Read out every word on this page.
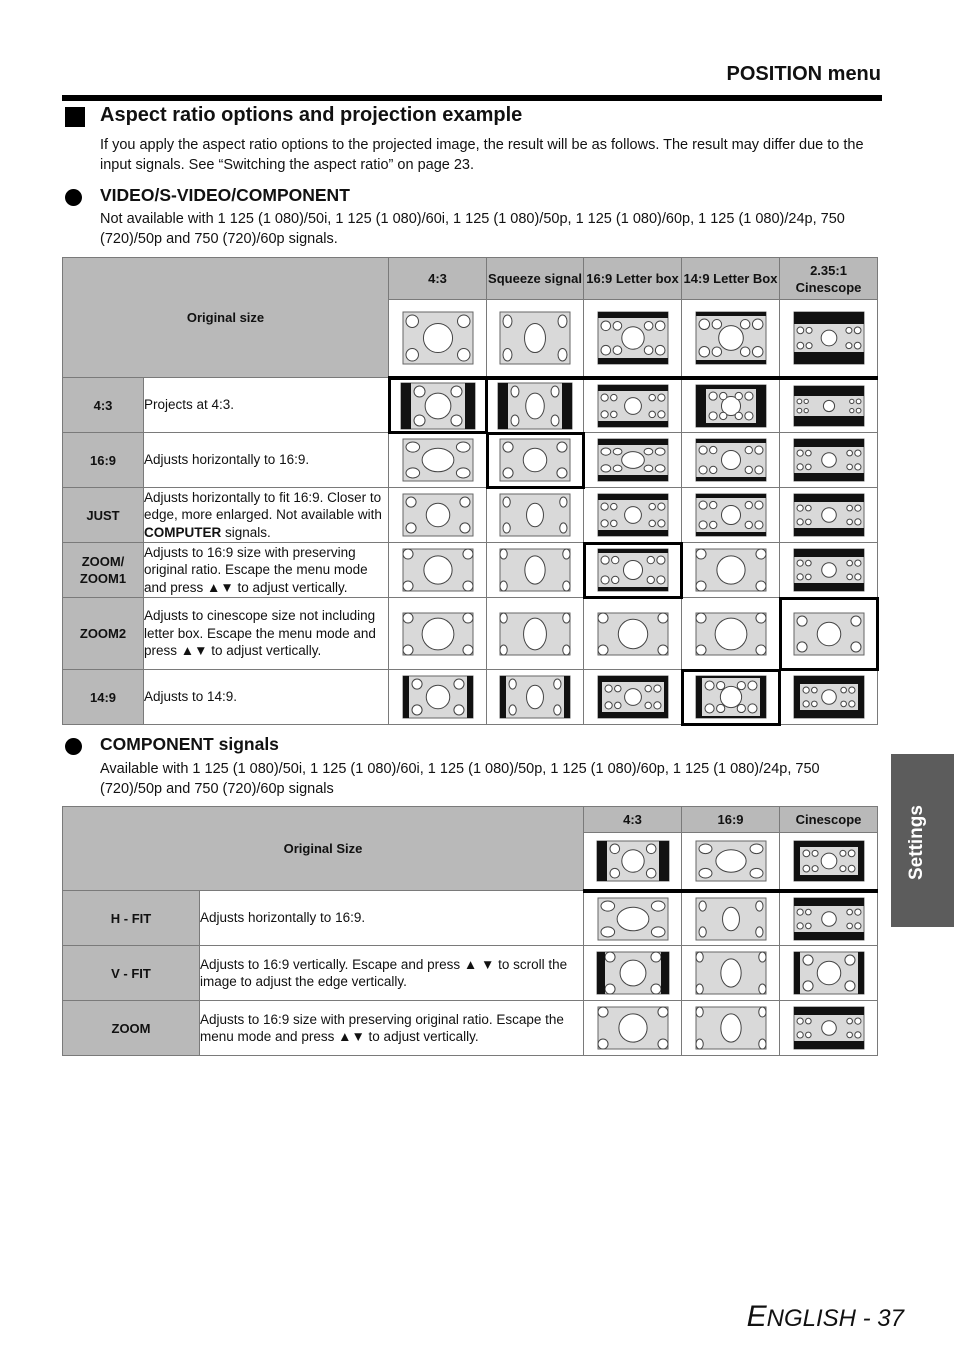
POSITION menu
Aspect ratio options and projection example
If you apply the aspect ratio options to the projected image, the result will be as follows. The result may differ due to the input signals. See “Switching the aspect ratio” on page 23.
VIDEO/S-VIDEO/COMPONENT
Not available with 1 125 (1 080)/50i, 1 125 (1 080)/60i, 1 125 (1 080)/50p, 1 125 (1 080)/60p, 1 125 (1 080)/24p, 750 (720)/50p and 750 (720)/60p signals.
Original size		4:3	Squeeze signal	16:9 Letter box	14:9 Letter Box	2.35:1 Cinescope

4:3	Projects at 4:3.	

16:9	Adjusts horizontally to 16:9.	

JUST	Adjusts horizontally to fit 16:9. Closer to edge, more enlarged. Not available with COMPUTER signals.	

ZOOM/ ZOOM1	Adjusts to 16:9 size with preserving original ratio. Escape the menu mode and press ▲▼ to adjust vertically.	

ZOOM2	Adjusts to cinescope size not including letter box. Escape the menu mode and press ▲▼ to adjust vertically.	

14:9	Adjusts to 14:9.	

COMPONENT signals
Available with 1 125 (1 080)/50i, 1 125 (1 080)/60i, 1 125 (1 080)/50p, 1 125 (1 080)/60p, 1 125 (1 080)/24p, 750 (720)/50p and 750 (720)/60p signals
Original Size		4:3	16:9	Cinescope

H - FIT	Adjusts horizontally to 16:9.	

V - FIT	Adjusts to 16:9 vertically. Escape and press ▲ ▼ to scroll the image to adjust the edge vertically.	

ZOOM	Adjusts to 16:9 size with preserving original ratio. Escape the menu mode and press ▲▼ to adjust vertically.	

Settings
ENGLISH - 37
